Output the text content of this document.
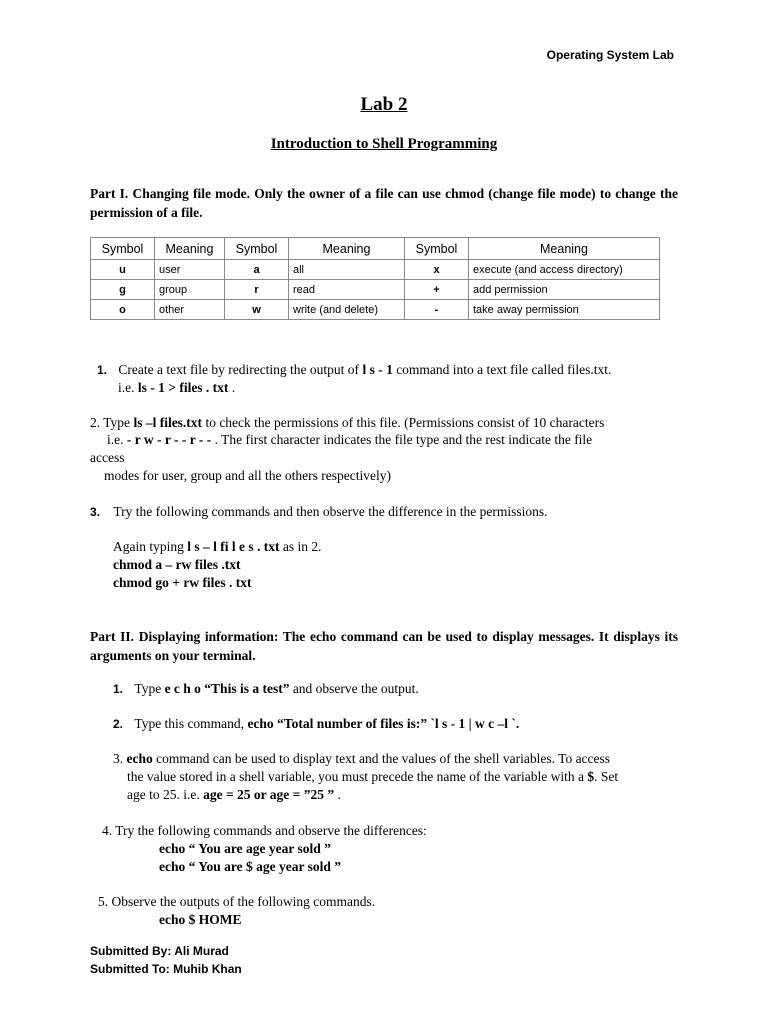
Operating System Lab
Lab 2
Introduction to Shell Programming
Part I. Changing file mode. Only the owner of a file can use chmod (change file mode) to change the permission of a file.
Symbol	Meaning	Symbol	Meaning	Symbol	Meaning
u	user	a	all	x	execute (and access directory)
g	group	r	read	+	add permission
o	other	w	write (and delete)	-	take away permission
1. Create a text file by redirecting the output of l s - 1 command into a text file called files.txt.
i.e. ls - 1 > files . txt .
2. Type ls –l files.txt to check the permissions of this file. (Permissions consist of 10 characters
i.e. - r w - r - - r - - . The first character indicates the file type and the rest indicate the file
access
modes for user, group and all the others respectively)
3. Try the following commands and then observe the difference in the permissions.
Again typing l s – l fi l e s . txt as in 2.
chmod a – rw files .txt
chmod go + rw files . txt
Part II. Displaying information: The echo command can be used to display messages. It displays its arguments on your terminal.
1. Type e c h o “This is a test” and observe the output.
2. Type this command, echo “Total number of files is:” `l s - 1 | w c –l `.
3. echo command can be used to display text and the values of the shell variables. To access
the value stored in a shell variable, you must precede the name of the variable with a $. Set
age to 25. i.e. age = 25 or age = ”25 ” .
4. Try the following commands and observe the differences:
echo “ You are age year sold ”
echo “ You are $ age year sold ”
5. Observe the outputs of the following commands.
echo $ HOME
Submitted By: Ali Murad
Submitted To: Muhib Khan
